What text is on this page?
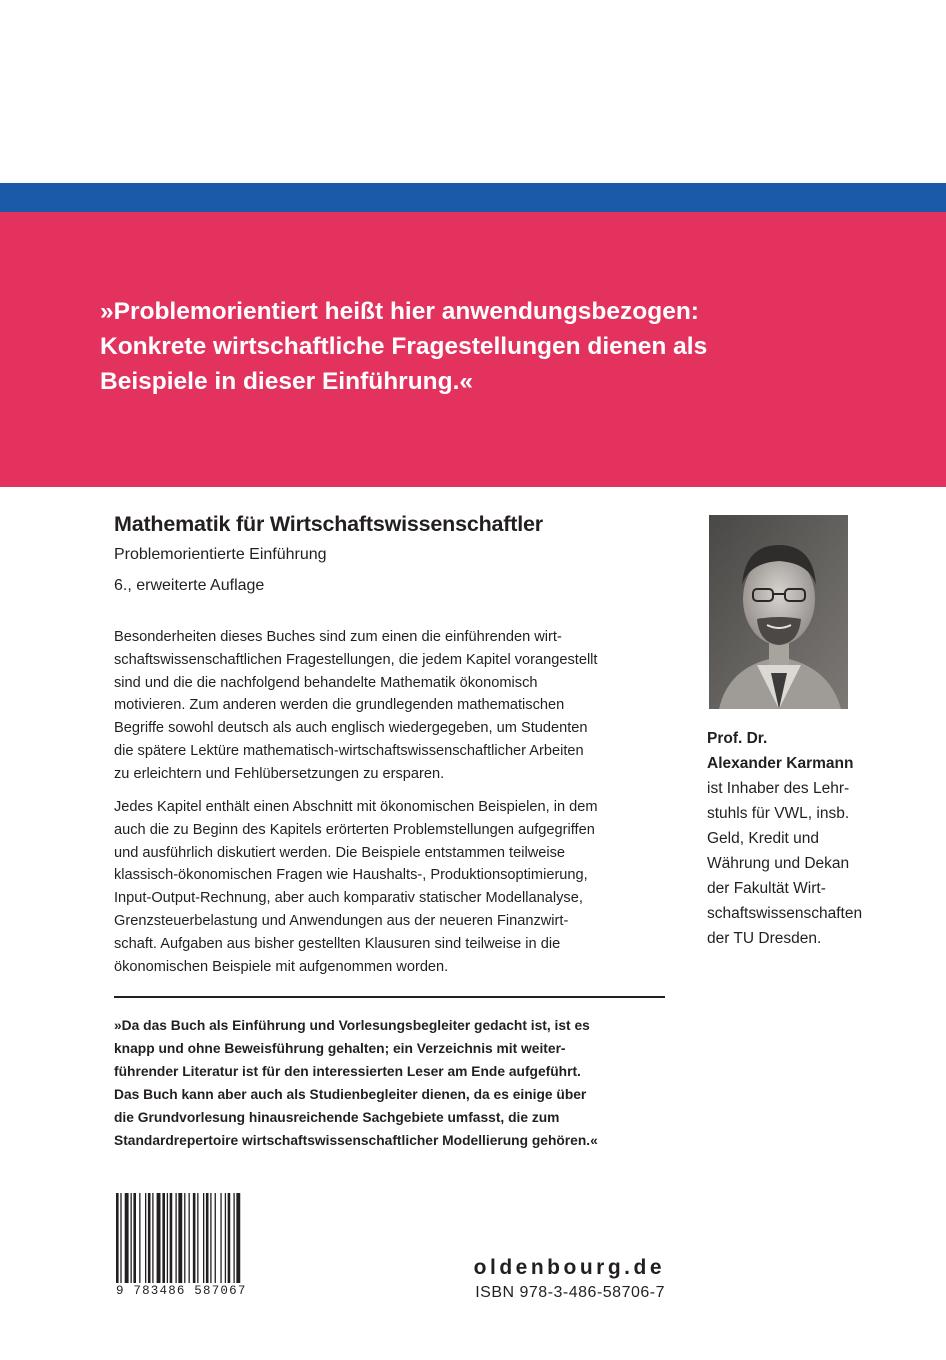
»Problemorientiert heißt hier anwendungsbezogen:
Konkrete wirtschaftliche Fragestellungen dienen als
Beispiele in dieser Einführung.«

Mathematik für Wirtschaftswissenschaftler
Problemorientierte Einführung
6., erweiterte Auflage
Besonderheiten dieses Buches sind zum einen die einführenden wirt-
schaftswissenschaftlichen Fragestellungen, die jedem Kapitel vorangestellt
sind und die die nachfolgend behandelte Mathematik ökonomisch
motivieren. Zum anderen werden die grundlegenden mathematischen
Begriffe sowohl deutsch als auch englisch wiedergegeben, um Studenten
die spätere Lektüre mathematisch-wirtschaftswissenschaftlicher Arbeiten
zu erleichtern und Fehlübersetzungen zu ersparen.
Jedes Kapitel enthält einen Abschnitt mit ökonomischen Beispielen, in dem
auch die zu Beginn des Kapitels erörterten Problemstellungen aufgegriffen
und ausführlich diskutiert werden. Die Beispiele entstammen teilweise
klassisch-ökonomischen Fragen wie Haushalts-, Produktionsoptimierung,
Input-Output-Rechnung, aber auch komparativ statischer Modellanalyse,
Grenzsteuerbelastung und Anwendungen aus der neueren Finanzwirt-
schaft. Aufgaben aus bisher gestellten Klausuren sind teilweise in die
ökonomischen Beispiele mit aufgenommen worden.
»Da das Buch als Einführung und Vorlesungsbegleiter gedacht ist, ist es
knapp und ohne Beweisführung gehalten; ein Verzeichnis mit weiter-
führender Literatur ist für den interessierten Leser am Ende aufgeführt.
Das Buch kann aber auch als Studienbegleiter dienen, da es einige über
die Grundvorlesung hinausreichende Sachgebiete umfasst, die zum
Standardrepertoire wirtschaftswissenschaftlicher Modellierung gehören.«
Prof. Dr.
Alexander Karmann
ist Inhaber des Lehr-
stuhls für VWL, insb.
Geld, Kredit und
Währung und Dekan
der Fakultät Wirt-
schaftswissenschaften
der TU Dresden.
9 783486 587067
oldenbourg.de
ISBN 978-3-486-58706-7
